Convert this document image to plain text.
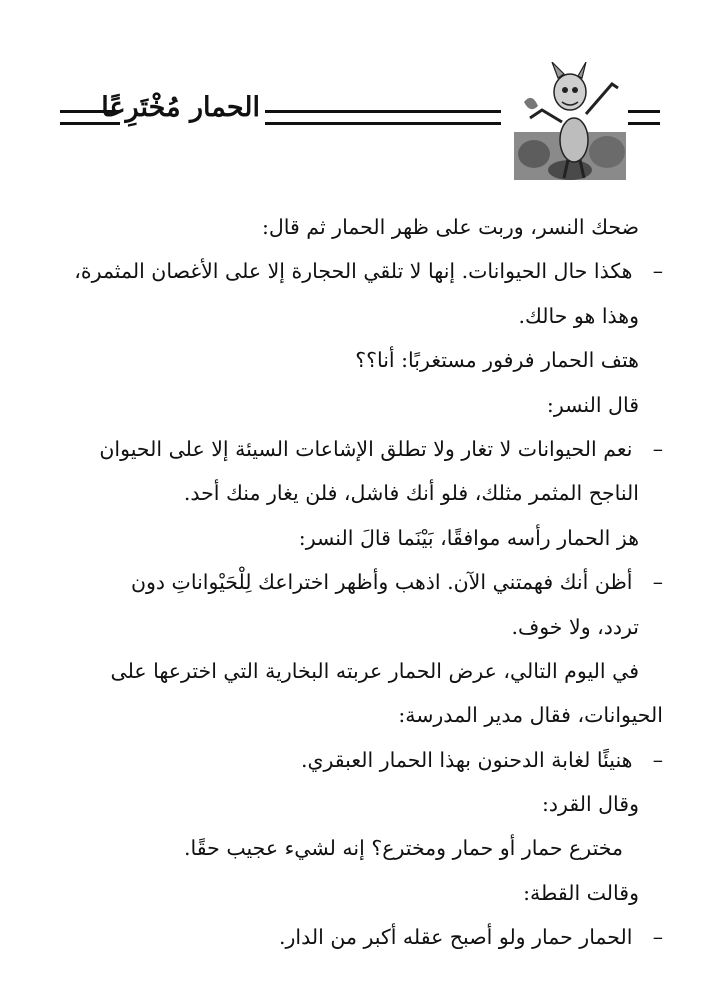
الحمار مُخْتَرِعًا
ضحك النسر، وربت على ظهر الحمار ثم قال:
– هكذا حال الحيوانات. إنها لا تلقي الحجارة إلا على الأغصان المثمرة،
وهذا هو حالك.
هتف الحمار فرفور مستغربًا: أنا؟؟
قال النسر:
– نعم الحيوانات لا تغار ولا تطلق الإشاعات السيئة إلا على الحيوان
الناجح المثمر مثلك، فلو أنك فاشل، فلن يغار منك أحد.
هز الحمار رأسه موافقًا، بَيْنَما قالَ النسر:
– أظن أنك فهمتني الآن. اذهب وأظهر اختراعك لِلْحَيْواناتِ دون
تردد، ولا خوف.
في اليوم التالي، عرض الحمار عربته البخارية التي اخترعها على
الحيوانات، فقال مدير المدرسة:
– هنيئًا لغابة الدحنون بهذا الحمار العبقري.
وقال القرد:
مخترع حمار أو حمار ومخترع؟ إنه لشيء عجيب حقًا.
وقالت القطة:
– الحمار حمار ولو أصبح عقله أكبر من الدار.
